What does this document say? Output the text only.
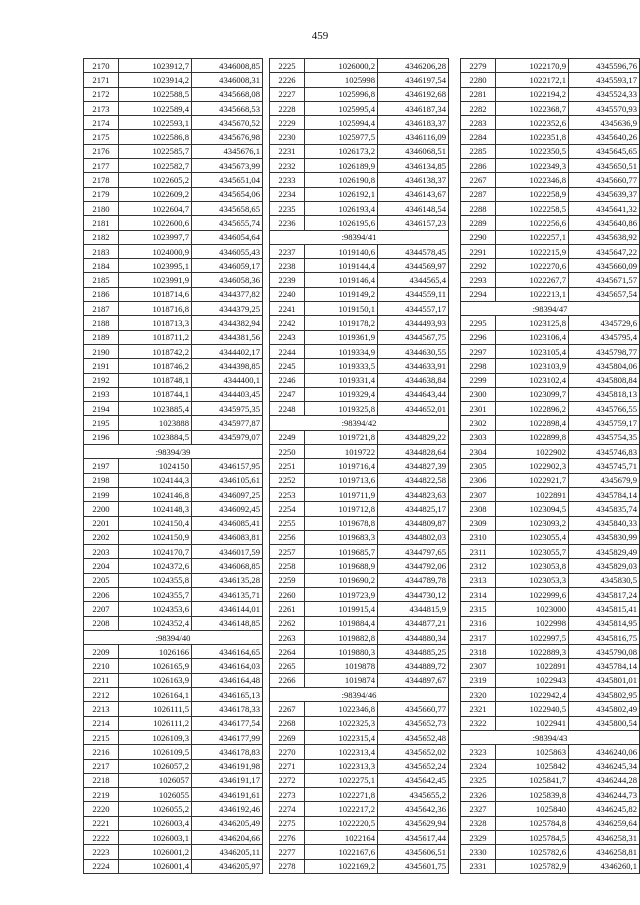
459
2170	1023912,7	4346008,85
2171	1023914,2	4346008,31
2172	1022588,5	4345668,08
2173	1022589,4	4345668,53
2174	1022593,1	4345670,52
2175	1022586,8	4345676,98
2176	1022585,7	4345676,1
2177	1022582,7	4345673,99
2178	1022605,2	4345651,04
2179	1022609,2	4345654,06
2180	1022604,7	4345658,65
2181	1022600,6	4345655,74
2182	1023997,7	4346054,64
2183	1024000,9	4346055,43
2184	1023995,1	4346059,17
2185	1023991,9	4346058,36
2186	1018714,6	4344377,82
2187	1018716,8	4344379,25
2188	1018713,3	4344382,94
2189	1018711,2	4344381,56
2190	1018742,2	4344402,17
2191	1018746,2	4344398,85
2192	1018748,1	4344400,1
2193	1018744,1	4344403,45
2194	1023885,4	4345975,35
2195	1023888	4345977,87
2196	1023884,5	4345979,07
:98394/39		
2197	1024150	4346157,95
2198	1024144,3	4346105,61
2199	1024146,8	4346097,25
2200	1024148,3	4346092,45
2201	1024150,4	4346085,41
2202	1024150,9	4346083,81
2203	1024170,7	4346017,59
2204	1024372,6	4346068,85
2205	1024355,8	4346135,28
2206	1024355,7	4346135,71
2207	1024353,6	4346144,01
2208	1024352,4	4346148,85
:98394/40		
2209	1026166	4346164,65
2210	1026165,9	4346164,03
2211	1026163,9	4346164,48
2212	1026164,1	4346165,13
2213	1026111,5	4346178,33
2214	1026111,2	4346177,54
2215	1026109,3	4346177,99
2216	1026109,5	4346178,83
2217	1026057,2	4346191,98
2218	1026057	4346191,17
2219	1026055	4346191,61
2220	1026055,2	4346192,46
2221	1026003,4	4346205,49
2222	1026003,1	4346204,66
2223	1026001,2	4346205,11
2224	1026001,4	4346205,97
2225	1026000,2	4346206,28
2226	1025998	4346197,54
2227	1025996,8	4346192,68
2228	1025995,4	4346187,34
2229	1025994,4	4346183,37
2230	1025977,5	4346116,09
2231	1026173,2	4346068,51
2232	1026189,9	4346134,85
2233	1026190,8	4346138,37
2234	1026192,1	4346143,67
2235	1026193,4	4346148,54
2236	1026195,6	4346157,23
:98394/41		
2237	1019140,6	4344578,45
2238	1019144,4	4344569,97
2239	1019146,4	4344565,4
2240	1019149,2	4344559,11
2241	1019150,1	4344557,17
2242	1019178,2	4344493,93
2243	1019361,9	4344567,75
2244	1019334,9	4344630,55
2245	1019333,5	4344633,91
2246	1019331,4	4344638,84
2247	1019329,4	4344643,44
2248	1019325,8	4344652,01
:98394/42		
2249	1019721,8	4344829,22
2250	1019722	4344828,64
2251	1019716,4	4344827,39
2252	1019713,6	4344822,58
2253	1019711,9	4344823,63
2254	1019712,8	4344825,17
2255	1019678,8	4344809,87
2256	1019683,3	4344802,03
2257	1019685,7	4344797,65
2258	1019688,9	4344792,06
2259	1019690,2	4344789,78
2260	1019723,9	4344730,12
2261	1019915,4	4344815,9
2262	1019884,4	4344877,21
2263	1019882,8	4344880,34
2264	1019880,3	4344885,25
2265	1019878	4344889,72
2266	1019874	4344897,67
:98394/46		
2267	1022346,8	4345660,77
2268	1022325,3	4345652,73
2269	1022315,4	4345652,48
2270	1022313,4	4345652,02
2271	1022313,3	4345652,24
2272	1022275,1	4345642,45
2273	1022271,8	4345655,2
2274	1022217,2	4345642,36
2275	1022220,5	4345629,94
2276	1022164	4345617,44
2277	1022167,6	4345606,51
2278	1022169,2	4345601,75
2279	1022170,9	4345596,76
2280	1022172,1	4345593,17
2281	1022194,2	4345524,33
2282	1022368,7	4345570,93
2283	1022352,6	4345636,9
2284	1022351,8	4345640,26
2285	1022350,5	4345645,65
2286	1022349,3	4345650,51
2267	1022346,8	4345660,77
2287	1022258,9	4345639,37
2288	1022258,5	4345641,32
2289	1022256,6	4345640,86
2290	1022257,1	4345638,92
2291	1022215,9	4345647,22
2292	1022270,6	4345660,09
2293	1022267,7	4345671,57
2294	1022213,1	4345657,54
:98394/47		
2295	1023125,8	4345729,6
2296	1023106,4	4345795,4
2297	1023105,4	4345798,77
2298	1023103,9	4345804,06
2299	1023102,4	4345808,84
2300	1023099,7	4345818,13
2301	1022896,2	4345766,55
2302	1022898,4	4345759,17
2303	1022899,8	4345754,35
2304	1022902	4345746,83
2305	1022902,3	4345745,71
2306	1022921,7	4345679,9
2307	1022891	4345784,14
2308	1023094,5	4345835,74
2309	1023093,2	4345840,33
2310	1023055,4	4345830,99
2311	1023055,7	4345829,49
2312	1023053,8	4345829,03
2313	1023053,3	4345830,5
2314	1022999,6	4345817,24
2315	1023000	4345815,41
2316	1022998	4345814,95
2317	1022997,5	4345816,75
2318	1022889,3	4345790,08
2307	1022891	4345784,14
2319	1022943	4345801,01
2320	1022942,4	4345802,95
2321	1022940,5	4345802,49
2322	1022941	4345800,54
:98394/43		
2323	1025863	4346240,06
2324	1025842	4346245,34
2325	1025841,7	4346244,28
2326	1025839,8	4346244,73
2327	1025840	4346245,82
2328	1025784,8	4346259,64
2329	1025784,5	4346258,31
2330	1025782,6	4346258,81
2331	1025782,9	4346260,1
